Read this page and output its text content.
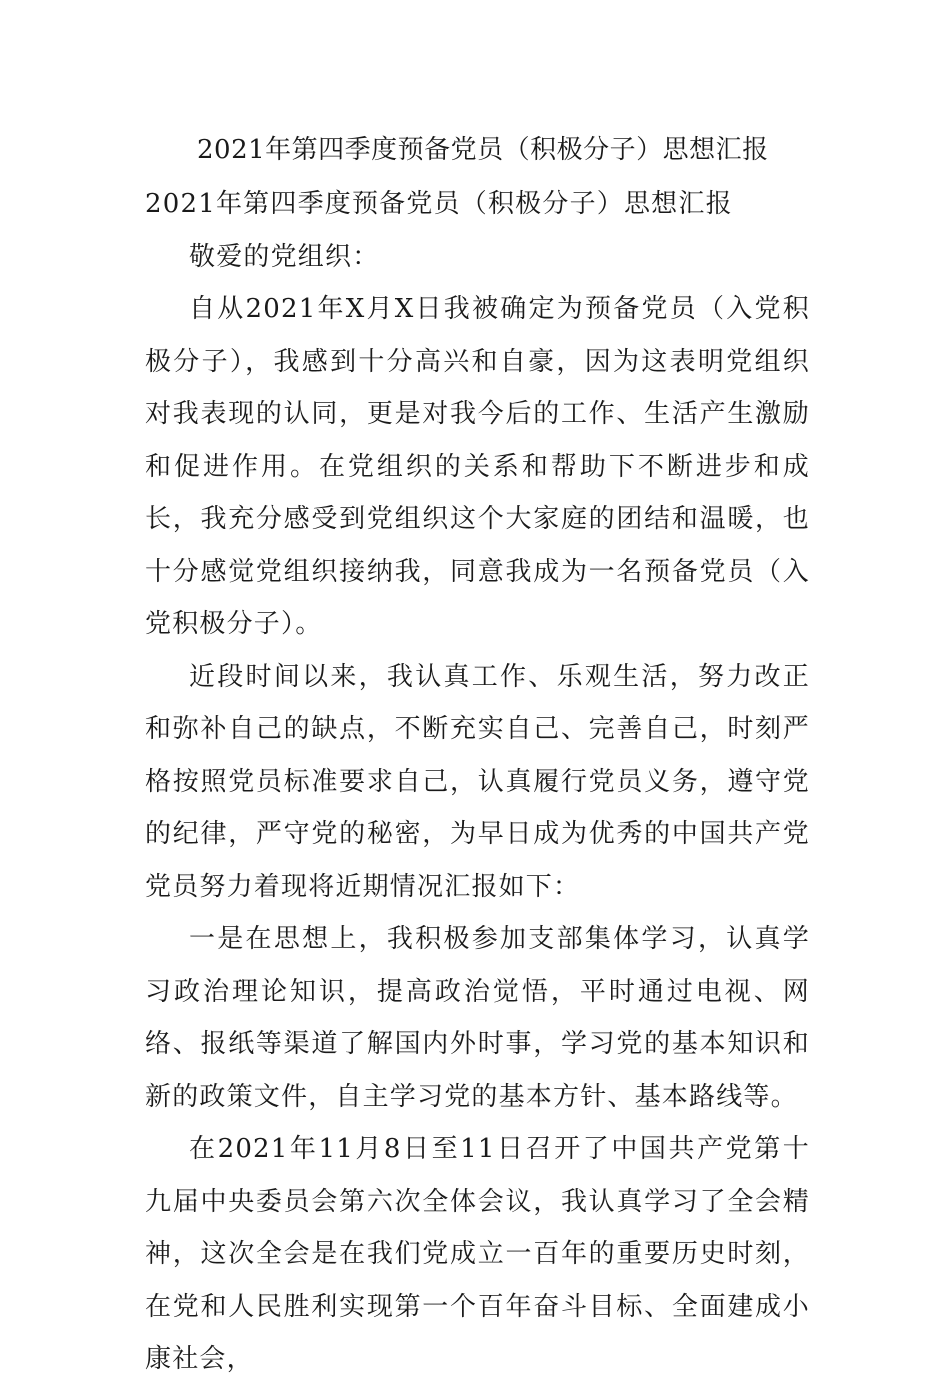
2021年第四季度预备党员（积极分子）思想汇报

2021年第四季度预备党员（积极分子）思想汇报

敬爱的党组织：

自从2021年X月X日我被确定为预备党员（入党积极分子），我感到十分高兴和自豪，因为这表明党组织对我表现的认同，更是对我今后的工作、生活产生激励和促进作用。在党组织的关系和帮助下不断进步和成长，我充分感受到党组织这个大家庭的团结和温暖，也十分感觉党组织接纳我，同意我成为一名预备党员（入党积极分子）。

近段时间以来，我认真工作、乐观生活，努力改正和弥补自己的缺点，不断充实自己、完善自己，时刻严格按照党员标准要求自己，认真履行党员义务，遵守党的纪律，严守党的秘密，为早日成为优秀的中国共产党党员努力着现将近期情况汇报如下：

一是在思想上，我积极参加支部集体学习，认真学习政治理论知识，提高政治觉悟，平时通过电视、网络、报纸等渠道了解国内外时事，学习党的基本知识和新的政策文件，自主学习党的基本方针、基本路线等。

在2021年11月8日至11日召开了中国共产党第十九届中央委员会第六次全体会议，我认真学习了全会精神，这次全会是在我们党成立一百年的重要历史时刻，在党和人民胜利实现第一个百年奋斗目标、全面建成小康社会，
